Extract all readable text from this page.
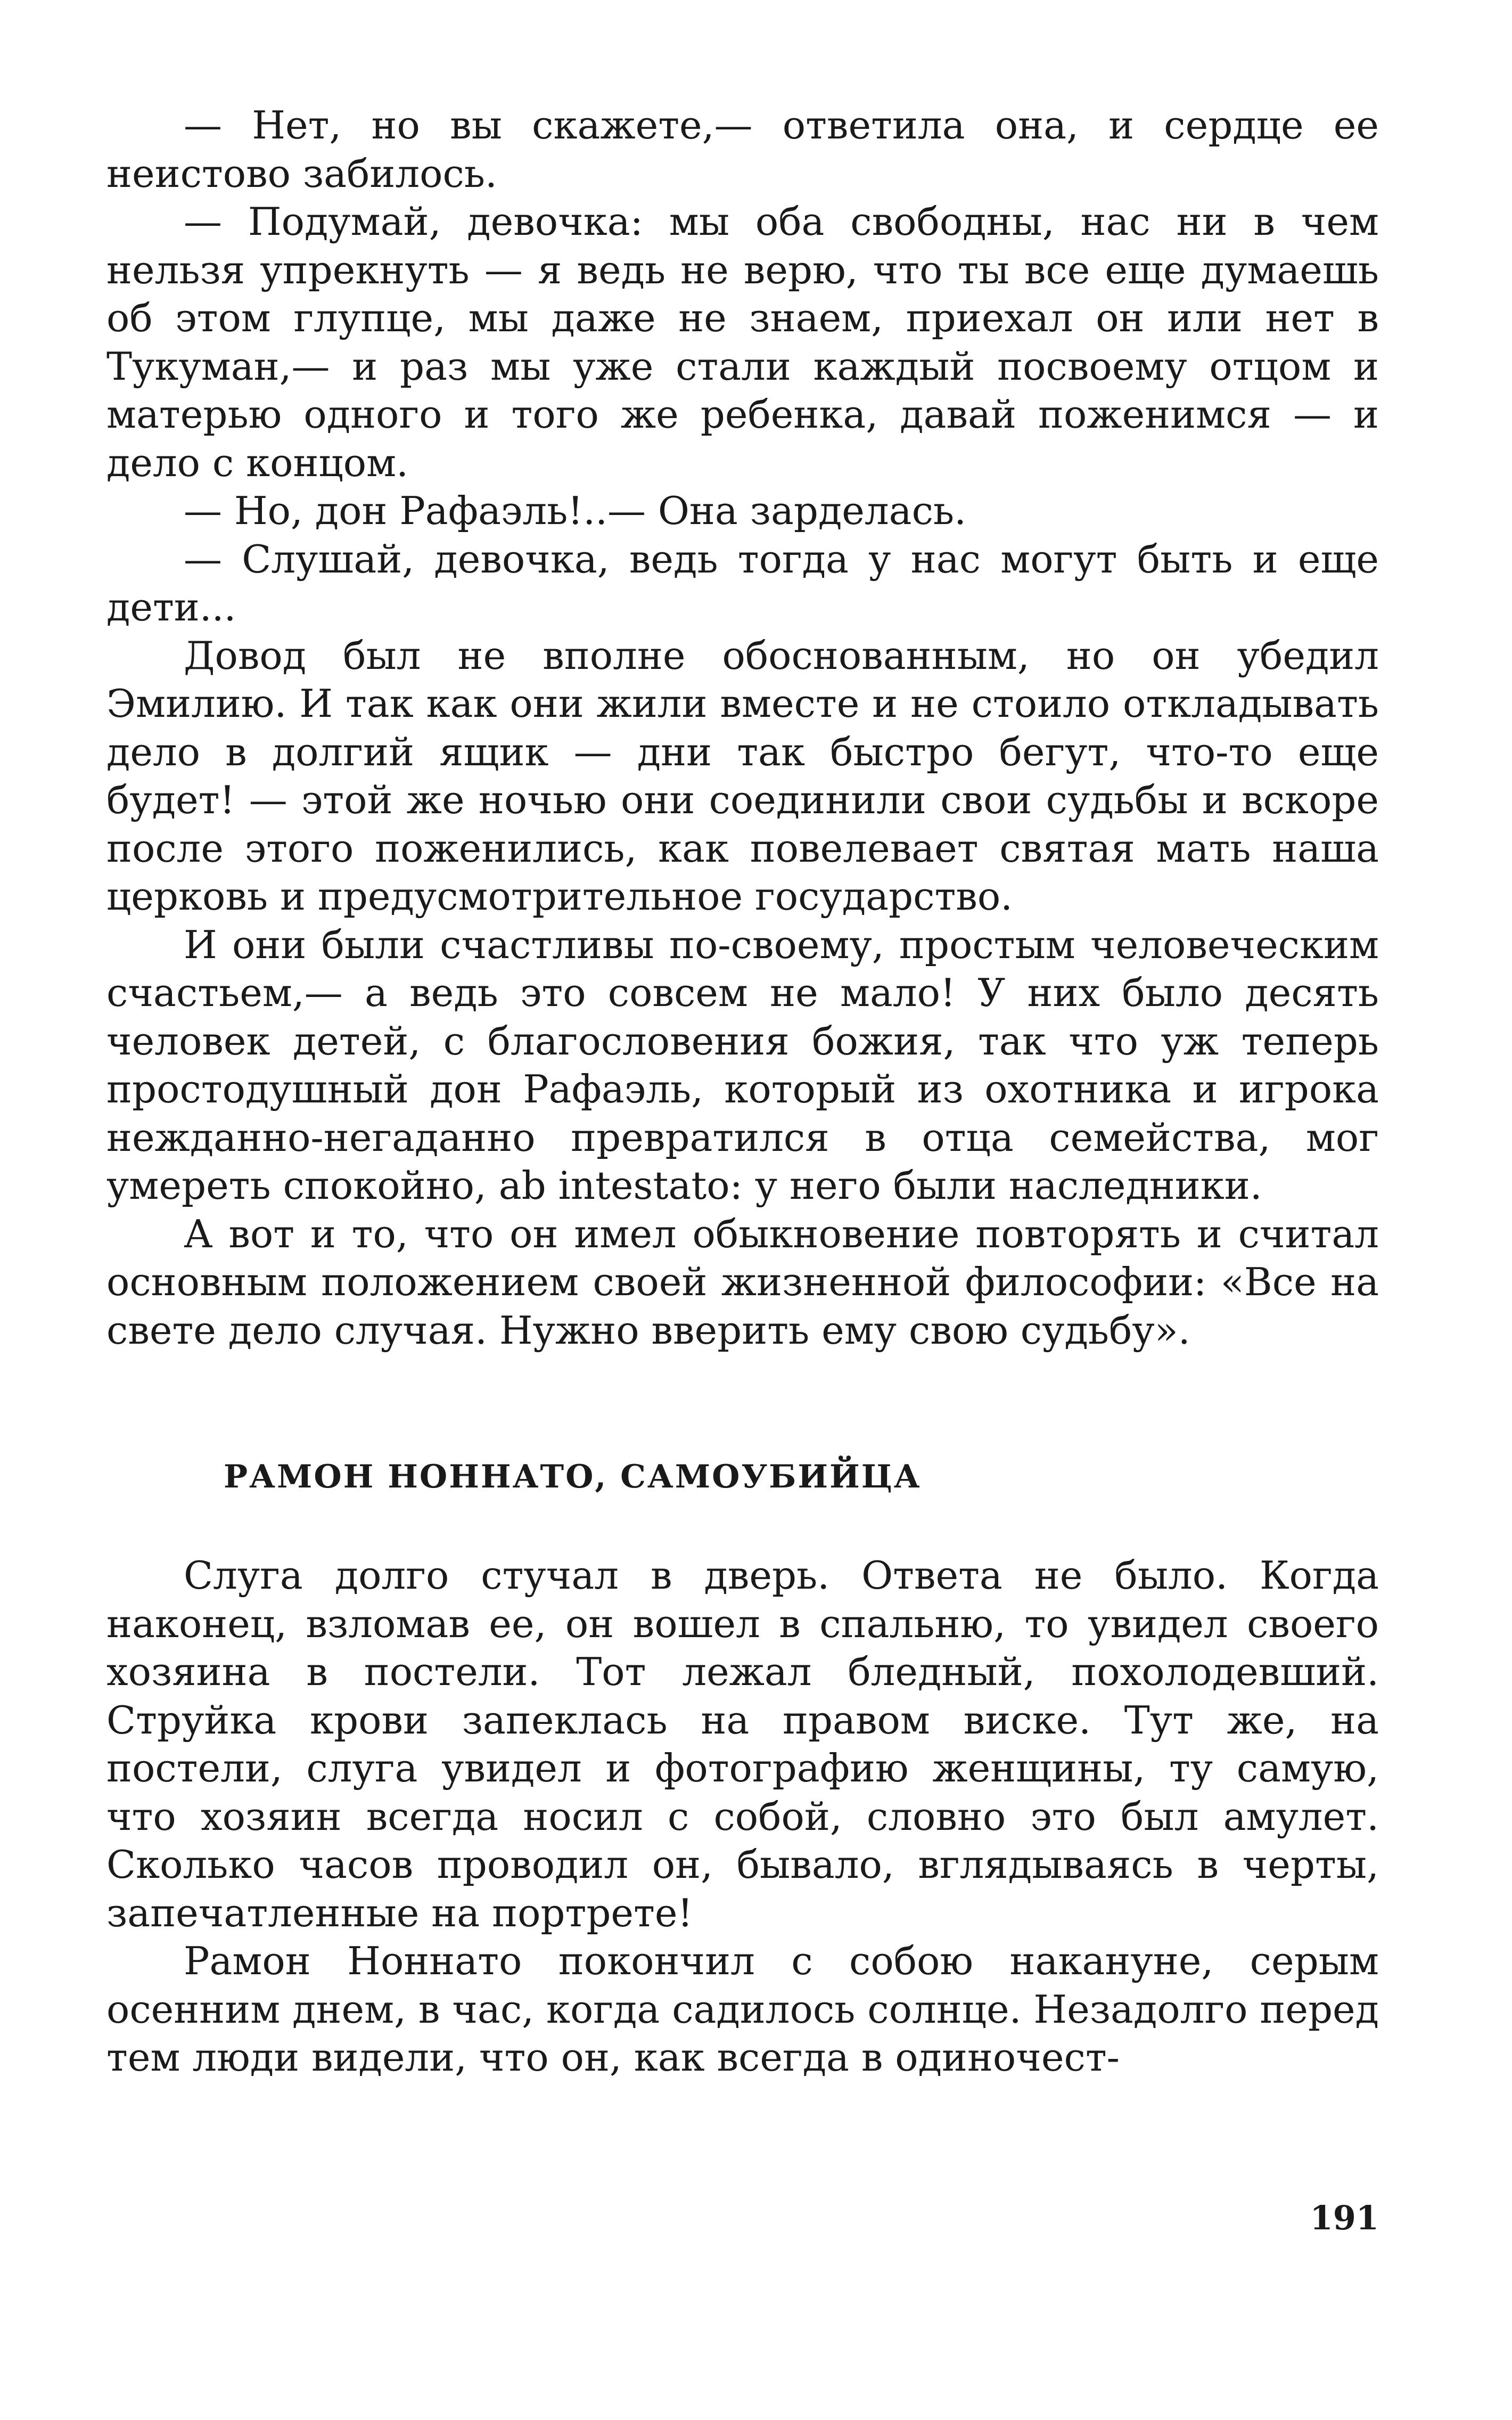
— Нет, но вы скажете,— ответила она, и сердце ее неистово забилось.

— Подумай, девочка: мы оба свободны, нас ни в чем нельзя упрекнуть — я ведь не верю, что ты все еще думаешь об этом глупце, мы даже не знаем, приехал он или нет в Тукуман,— и раз мы уже стали каждый посвоему отцом и матерью одного и того же ребенка, давай поженимся — и дело с концом.

— Но, дон Рафаэль!..— Она зарделась.

— Слушай, девочка, ведь тогда у нас могут быть и еще дети...

Довод был не вполне обоснованным, но он убедил Эмилию. И так как они жили вместе и не стоило откладывать дело в долгий ящик — дни так быстро бегут, что-то еще будет! — этой же ночью они соединили свои судьбы и вскоре после этого поженились, как повелевает святая мать наша церковь и предусмотрительное государство.

И они были счастливы по-своему, простым человеческим счастьем,— а ведь это совсем не мало! У них было десять человек детей, с благословения божия, так что уж теперь простодушный дон Рафаэль, который из охотника и игрока нежданно-негаданно превратился в отца семейства, мог умереть спокойно, ab intestato: у него были наследники.

А вот и то, что он имел обыкновение повторять и считал основным положением своей жизненной философии: «Все на свете дело случая. Нужно вверить ему свою судьбу».

РАМОН НОННАТО, САМОУБИЙЦА

Слуга долго стучал в дверь. Ответа не было. Когда наконец, взломав ее, он вошел в спальню, то увидел своего хозяина в постели. Тот лежал бледный, похолодевший. Струйка крови запеклась на правом виске. Тут же, на постели, слуга увидел и фотографию женщины, ту самую, что хозяин всегда носил с собой, словно это был амулет. Сколько часов проводил он, бывало, вглядываясь в черты, запечатленные на портрете!

Рамон Ноннато покончил с собою накануне, серым осенним днем, в час, когда садилось солнце. Незадолго перед тем люди видели, что он, как всегда в одиночест-

191
